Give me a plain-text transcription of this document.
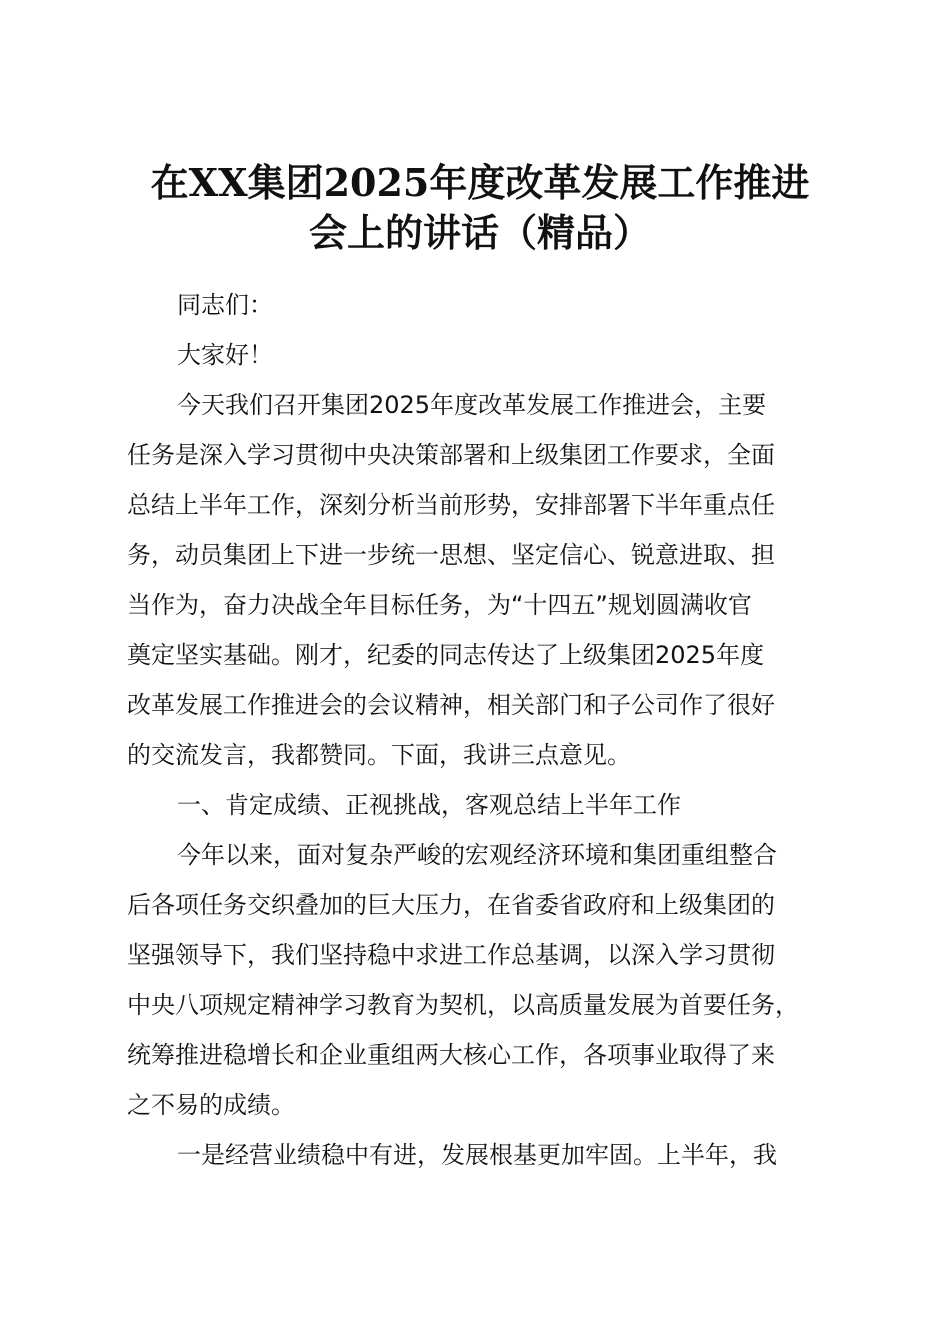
在XX集团2025年度改革发展工作推进
会上的讲话（精品）
同志们：
大家好！
今天我们召开集团2025年度改革发展工作推进会，主要
任务是深入学习贯彻中央决策部署和上级集团工作要求，全面
总结上半年工作，深刻分析当前形势，安排部署下半年重点任
务，动员集团上下进一步统一思想、坚定信心、锐意进取、担
当作为，奋力决战全年目标任务，为“十四五”规划圆满收官
奠定坚实基础。刚才，纪委的同志传达了上级集团2025年度
改革发展工作推进会的会议精神，相关部门和子公司作了很好
的交流发言，我都赞同。下面，我讲三点意见。
一、肯定成绩、正视挑战，客观总结上半年工作
今年以来，面对复杂严峻的宏观经济环境和集团重组整合
后各项任务交织叠加的巨大压力，在省委省政府和上级集团的
坚强领导下，我们坚持稳中求进工作总基调，以深入学习贯彻
中央八项规定精神学习教育为契机，以高质量发展为首要任务，
统筹推进稳增长和企业重组两大核心工作，各项事业取得了来
之不易的成绩。
一是经营业绩稳中有进，发展根基更加牢固。上半年，我
